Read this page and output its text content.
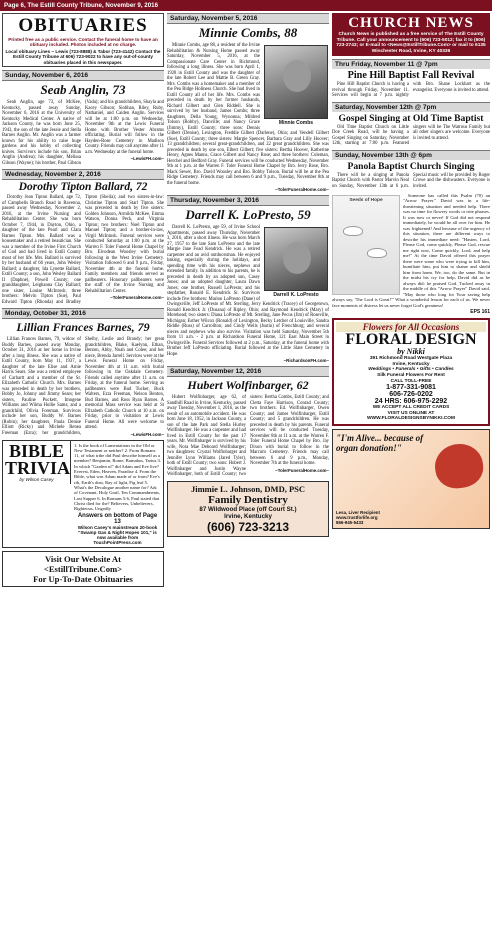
Page 6, The Estill County Tribune, November 9, 2016
OBITUARIES
Printed free as a public service. Contact the funeral home to have an obituary included. Photos included at no charge.
Local obituary Lines ~ Lewis (723-8888) & Tabor (723-4142) Contact the Estill County Tribune at 606) 723-9022 to have any out-of-county obituaries placed in this newspaper.
Sunday, November 6, 2016
Seab Anglin, 73

Seab Anglin, age 73, of McKee, Kentucky, passed away Sunday, November 6, 2016 at the University of Kentucky Medical Center. A native of Jackson County, he was born June 25, 1943, the son of the late Jessie and Stella Barnes Anglin. Mr. Anglin was a farmer known for his ability to raise huge gardens and his hobby of collecting knives. Survivors include his son, Brian Anglin (Andrea); his daughter, Melissa Gibson (Wayne); his brother, Paul Gibson (Vada); and his grandchildren, Shayla and Kacey Gibson; Siobhan, Riley, Ruby, Nathaniel, and Caiden Anglin. Services will be at 1:00 p.m. on Wednesday, November 9th at the Lewis Funeral Home with Brother Vester Abrams officiating. Burial will follow in the Hayden-Rose Cemetery in Madison County. Friends may call anytime after 11 a.m. Wednesday at the funeral home.

~LewisFH.com~
Wednesday, November 2, 2016
Dorothy Tipton Ballard, 72

Dorothy Jean Tipton Ballard, age 72, of Campbells Branch Road in Ravenna, passed away Wednesday, November 2, 2016, at the Irvine Nursing and Rehabilitation Center. She was born October 7, 1944, in Dayton, Ohio, a daughter of the late Pearl and Clara Barnes Tipton. Mrs. Ballard was a housemaker and a retired beautician. She was a member of the Irvine First Church of God and had lived in Estill County most of her life. Mrs. Ballard is survived by her husband of 66 years, John Wesley Ballard; a daughter, Ida Lynette Ballard, Estill County; a son, John Wesley Ballard II (Daphne), Powell County; one granddaughter, Leighanna Clay Ballard; one sister, Louise McIntosh; three brothers: Melvin Tipton (Sue), Paul Edward Tipton (Rhonda) and Bradley Tipton (Sheila); and two sisters-in-law: Christine Tipton and Starl Tipton. She was preceded in death by five sisters: Golden Johnson, Armilda McKee, Emma Watson, Donna Peck, and Virginia Tipton; two brothers: Noel Tipton and Manuel Tipton; and a brother-in-law, Virgil McIntosh. Funeral services were conducted Saturday at 1:00 p.m. at the Warren F. Toler Funeral Home Chapel by Bro. Elvodean Woosley with burial following in the West Irvine Cemetery. Visitation followed 6 and 9 p.m., Friday, November 4th at the funeral home. Family members and friends served as pallbearers. Honorary pallbearers were the staff of the Irvine Nursing and Rehabilitation Center.

~TolerFuneralHome.com~
Monday, October 31, 2016
Lillian Frances Barnes, 79

Lillian Frances Barnes, 79, widow of Buddy Barnes, passed away Monday, October 31, 2016 at her home in Irvine after a long illness. She was a native of Estill County, born May 11, 1937, a daughter of the late Elise and Arnie Harris Sears. She was a retired employee of Carhartt and a member of the St. Elizabeth Catholic Church. Mrs. Barnes was preceded in death by her brothers, Bobby Jo, Johnny and Jimmy Sears; her sisters, Pauline Puckett, Imogene Williams and Wilma Hollie Sams; and a grandchild, Olivia Foreman. Survivors include her son, Buddy W. Barnes (Robin); her daughters, Paula Denise Elliott (Ricky) and Michele Renea Freeman (Ezra); her grandchildren, Shelby, Leslie and Brandy; her great grandchildren, Blake, Kaelynn, Ethan, Benton, Abby, Noah and Colee; and her niece, Brenda Jarrell. Services were at the Lewis Funeral Home on Friday, November 4th at 11 a.m. with burial following in the Oakdale Cemetery. Friends called anytime after 11 a.m. on Friday, at the funeral home. Serving as pallbearers were Bud Tucker, Buck Walters, Ezra Freeman, Nelson Benton, Bud Barnes, and Ross Ryan Barnes. A memorial Mass service was held at St Elizabeth Catholic Church at 10 a.m. on Friday, prior to visitation at Lewis Funeral Home. All were welcome to attend.

~LewisFH.com~
BIBLE TRIVIA
by Wilson Casey
1. Is the book of Lamentations in the Old or New Testament or neither? 2. From Romans 11, of what tribe did Paul describe himself as a member? Benjamin, Rome, Barnabas, Tarius 3. In which "Garden of" did Adam and Eve live? Everest, Eden, Heaven, Paradise 4. From the Bible, what was Adam made of or from? Eve's rib, Earth's dust, Ray of light, Fig leaf 5. What's the Decalogue another name for? Ark of Covenant, Holy Grail, Ten Commandments, Last Supper 6. In Romans 5:6, Paul stated that Christ died for the? Believers, Unbelievers, Righteous, Ungodly
Answers on bottom of Page 13
Wilson Casey's mainstream 20-book "Swamp Gas & Night Hopes 101," is now available from TouchPointPress.com
Visit Our Website At
<EstillTribune.Com>
For Up-To-Date Obituaries
Saturday, November 5, 2016
Minnie Combs, 88
Minnie Combs

Minnie Combs, age 88, a resident of the Irvine Rehabilitation & Nursing Home passed away Saturday, November 5, 2016, at the Compassionate Care Center in Richmond, following a long illness. She was born April 1, 1928 in Estill County and was the daughter of the late Robert Lee and Mattie B. Green Gray. Mrs. Combs was a homemaker and a member of the Pea Ridge Holiness Church. She had lived in Estill County all of her life. Mrs. Combs was preceded in death by her former husbands, Richard Gilbert and Glen Riddell. She is survived by her husband, James Combs; three daughters, Della Young, Wynonna; Mildred Tolson (Bobby), Danville; and Nancy Grace (Jimmy), Estill County; three sons: Dennis Gilbert (Denise), Lexington, Freddie Gilbert (Darlene), Ohio; and Vendell Gilbert (Sue), Estill County; three sisters: Margie Spencer, Barbara Gray and Lilly Hoover; 13 grandchildren; several great-grandchildren, and 22 great grandchildren. She was preceded in death by one son, Elbert Gilbert; five sisters: Bertha Hoover, Katherine Henry, Agnes Manns, Grace Gilbert and Nancy Rose; and three brothers: Coleman, Herchel and Bedford Gray. Funeral services will be conducted Wednesday, November 9th at 1 p.m. at the Warren F. Toler Funeral Home Chapel by Bro. Jerry Rose, Bro. Mack Sewer, Bro. David Woosley and Bro. Bobby Tolson. Burial will be at the Pea Ridge Cemetery. Friends may call between 6 and 9 p.m., Tuesday, November 8th at the funeral home.

~TolerFuneralHome.com~
Thursday, November 3, 2016
Darrell K. LoPresto, 59
Darrell K. LoPresto

Darrell K. LoPresto, age 59, of Irvine School Apartments, passed away Thursday, November 3, 2016, after a short illness. He was born March 27, 1957 to the late Sam LoPresto and the late Margie Jane Foad Kendrick. He was a retired carpenter and an avid outdoorsman. He enjoyed baking, especially during the holidays, and spending time with his nieces, nephews and extended family. In addition to his parents, he is preceded in death by an adopted son, Casey Jones; and an adopted daughter, Laura Dawn Jones; one brother, Russell LoPresto; and his stepfather, Ronald E. Kendrick Sr. Survivors include five brothers: Marion LoPresto (Dane) of Owingsville, Jeff LoPresto of Mt. Sterling, Jerry Kendrick (Tracey) of Georgetown, Ronald Kendrick Jr. (Dusana) of Ripley, Ohio; and Raymond Kendrick (Mary) of Morehead; two sisters: Diana LoPresto of Mt. Sterling, Jane Pecus (Jim) of Roseville, Michigan; Esther Wilcox (Ronald) of Lexington, Becky Letcher of Louisville, Sandra Riddle (Russ) of Carrollton; and Cindy Wells (Justin) of Frenchburg; and several nieces and nephews who also survive. Visitation was held Saturday, November 5th from 11 a.m. - 2 p.m. at Richardson Funeral Home, 121 East Main Street in Owingsville. Funeral Services followed at 2 p.m., Saturday, at the funeral home with Brother Jeff LoPresto officiating. Burial followed at the Little Slate Cemetery in Hope.

~RichardsonFH.com~
Saturday, November 12, 2016
Hubert Wolfinbarger, 62

Hubert Wolfinbarger, age 62, of Sandhill Road in Irvine, Kentucky, passed away Tuesday, November 1, 2016, as the result of an automobile accident. He was born June 18, 1952, in Jackson County, a son of the late Park and Stella Hurley Wolfinbarger. He was a carpenter and had lived in Estill County for the past 17 years. Mr. Wolfinbarger is survived by his wife, Nora Mae Deboard Wolfinbarger; two daughters: Crystal Wolfinbarger and Jennifer Lynn Williams (Jared Tyler), both of Estill County; two sons: Hubert J. Wolfinbarger and Justin Wayne Wolfinbarger, both of Estill County; two sisters: Bertha Combs, Estill County; and Cletta Faye Harrison, Conrad County; two brothers: Ed. Wolfinbarger, Owen County; and James Wolfinbarger, Estill County; and 5 grandchildren. He was preceded in death by his parents. Funeral services will be conducted Tuesday, November 8th at 11 a.m. at the Warren F. Toler Funeral Home Chapel by Bro. Jay Dixon with burial to follow in the Marcum Cemetery. Friends may call between 6 and 9 p.m., Monday, November 7th at the funeral home.

~TolerFuneralHome.com~
Jimmie L. Johnson, DMD, PSC
Family Dentistry
87 Wildwood Place (off Court St.)
Irvine, Kentucky
(606) 723-3213
CHURCH NEWS
Church News is published as a free service of The Estill County Tribune. Call your announcement to (606) 723-5012; fax it to (606) 723-2743; or E-mail to <News@EstillTribune.Com> or mail to 6135 Winchester Road, Irvine, KY 40336
Thru Friday, November 11 @ 7pm
Pine Hill Baptist Fall Revival

Pine Hill Baptist Church is having a revival through Friday, November 11. Services will begin at 7 p.m. nightly with Bro. Shane Lockhart as the evangelist. Everyone is invited to attend.

Saturday, November 12th @ 7pm
Gospel Singing at Old Time Baptist

Old Time Baptist Church on Little Doe Creek Road, will be having a Gospel Singing on Saturday, November 12th, starting at 7:00 p.m. Featured singers will be The Watrous Family but all other singers are welcome. Everyone is invited to attend.

Sunday, November 13th @ 6pm
Panola Baptist Church Singing

There will be a singing at Panola Baptist Church with Pastor Marvin Neal on Sunday, November 13th at 6 p.m. Special music will be provided by Roger Crowe and the dishwasters. Everyone is invited.

Seeds of Hope

Someone has called this Psalm (70) an "Arrow Prayer." David was in a life-threatening situation and needed help. There was no time for flowery words or trite phrases. It was now or never! If God did not respond immediately, he would be all over for him. He was frightened! And because of the urgency of this situation, there are different ways to describe his immediate need: "Hasten, Lord, Please God, come quickly, Please God, rescue me right now, Come quickly, Lord, and help me!" At the time David offered this prayer there were some who were trying to kill him, humiliate him, put him to shame and shield him from harm. We, too, do the same. But in the midst his cry for help, David did as he always did: he praised God. Tucked away in the middle of this "Arrow Prayer" David said, "May those who long for Your saving help always say, 'The Lord is Great!'" What a wonderful lesson for each of us. We never face moments of distress let us never forget God's greatness!

EPS 161
Flowers for All Occasions
FLORAL DESIGN
by Nikki
391 Richmond Road Westgate Plaza
Irvine, Kentucky
Weddings • Funerals • Gifts • Candles
Silk Funeral Flowers For Rent
CALL TOLL-FREE
1-877-331-9081
606-726-0202
24 HRS: 606-975-2292
WE ACCEPT ALL CREDIT CARDS
VISIT US ONLINE AT
WWW.FLORALDESIGNSBYNIKKI.COM
"I'm Alive... because of organ donation!"
Lesa, Liver Recipient
www.trustforlife.org
866-945-5433
